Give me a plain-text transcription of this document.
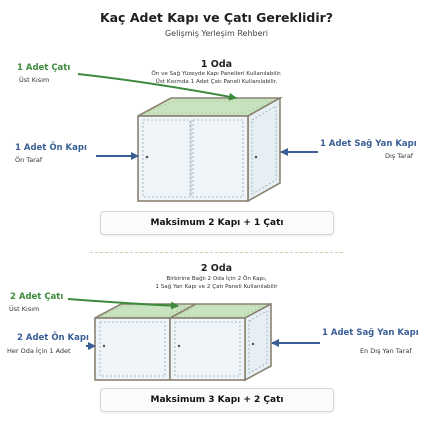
Kaç Adet Kapı ve Çatı Gereklidir?
Gelişmiş Yerleşim Rehberi
1 Oda
Ön ve Sağ Yüzeyde Kapı Panelleri Kullanılabilir.
Üst Kısımda 1 Adet Çatı Paneli Kullanılabilir.
1 Adet Çatı
Üst Kısım
1 Adet Ön Kapı
Ön Taraf
1 Adet Sağ Yan Kapı
Dış Taraf
Maksimum 2 Kapı + 1 Çatı
2 Oda
Birbirine Bağlı 2 Oda İçin 2 Ön Kapı,
1 Sağ Yan Kapı ve 2 Çatı Paneli Kullanılabilir
2 Adet Çatı
Üst Kısım
2 Adet Ön Kapı
Her Oda İçin 1 Adet
1 Adet Sağ Yan Kapı
En Dış Yan Taraf
Maksimum 3 Kapı + 2 Çatı
